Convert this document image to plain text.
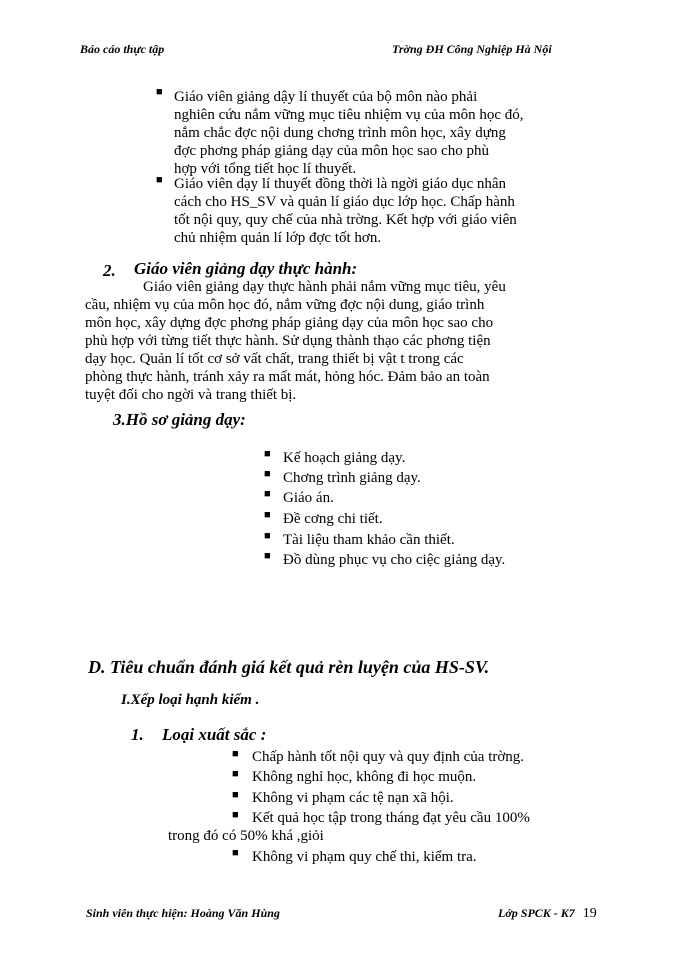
Báo cáo thực tập	Trờng ĐH Công Nghiệp Hà Nội
■ Giáo viên giảng dậy lí thuyết của bộ môn nào phải
nghiên cứu nắm vững mục tiêu nhiệm vụ của môn học đó,
nắm chắc đợc nội dung chơng trình môn học, xây dựng
đợc phơng pháp giảng dạy của môn học sao cho phù
hợp với tổng tiết học lí thuyết.
■ Giáo viên dạy lí thuyết đồng thời là ngời giáo dục nhân
cách cho HS_SV và quản lí giáo dục lớp học. Chấp hành
tốt nội quy, quy chế của nhà trờng. Kết hợp với giáo viên
chủ nhiệm quản lí lớp đợc tốt hơn.
2. Giáo viên giảng dạy thực hành:
Giáo viên giảng dạy thực hành phải nắm vững mục tiêu, yêu
cầu, nhiệm vụ của môn học đó, nắm vững đợc nội dung, giáo trình
môn học, xây dựng đợc phơng pháp giảng dạy của môn học sao cho
phù hợp với từng tiết thực hành. Sử dụng thành thạo các phơng tiện
dạy học. Quản lí tốt cơ sở vất chất, trang thiết bị vật t trong các
phòng thực hành, tránh xảy ra mất mát, hỏng hóc. Đảm bảo an toàn
tuyệt đối cho ngời và trang thiết bị.
3.Hồ sơ giảng dạy:
■ Kế hoạch giảng dạy.
■ Chơng trình giảng dạy.
■ Giáo án.
■ Đề cơng chi tiết.
■ Tài liệu tham khảo cần thiết.
■ Đồ dùng phục vụ cho ciệc giảng dạy.
D. Tiêu chuẩn đánh giá kết quả rèn luyện của HS-SV.
I.Xếp loại hạnh kiểm .
1. Loại xuất sắc :
■ Chấp hành tốt nội quy và quy định của trờng.
■ Không nghỉ học, không đi học muộn.
■ Không vi phạm các tệ nạn xã hội.
■ Kết quả học tập trong tháng đạt yêu cầu 100%
trong đó có 50% khá ,giỏi
■ Không vi phạm quy chế thi, kiểm tra.
Sinh viên thực hiện: Hoàng Văn Hùng	Lớp SPCK - K7 19
